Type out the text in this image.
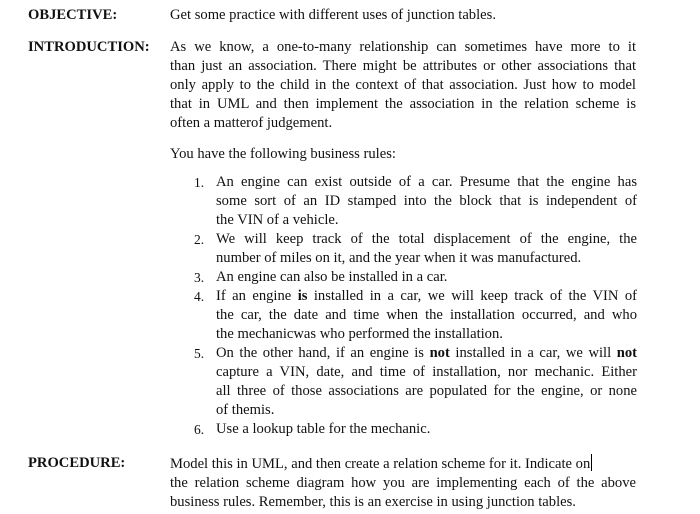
OBJECTIVE:	Get some practice with different uses of junction tables.
INTRODUCTION: As we know, a one-to-many relationship can sometimes have more to it
than just an association. There might be attributes or other associations that
only apply to the child in the context of that association. Just how to model
that in UML and then implement the association in the relation scheme is
often a matterof judgement.
You have the following business rules:
1. An engine can exist outside of a car. Presume that the engine has
some sort of an ID stamped into the block that is independent of
the VIN of a vehicle.
2. We will keep track of the total displacement of the engine, the
number of miles on it, and the year when it was manufactured.
3. An engine can also be installed in a car.
4. If an engine is installed in a car, we will keep track of the VIN of
the car, the date and time when the installation occurred, and who
the mechanicwas who performed the installation.
5. On the other hand, if an engine is not installed in a car, we will not
capture a VIN, date, and time of installation, nor mechanic. Either
all three of those associations are populated for the engine, or none
of themis.
6. Use a lookup table for the mechanic.
PROCEDURE:	Model this in UML, and then create a relation scheme for it. Indicate on
the relation scheme diagram how you are implementing each of the above
business rules. Remember, this is an exercise in using junction tables.
